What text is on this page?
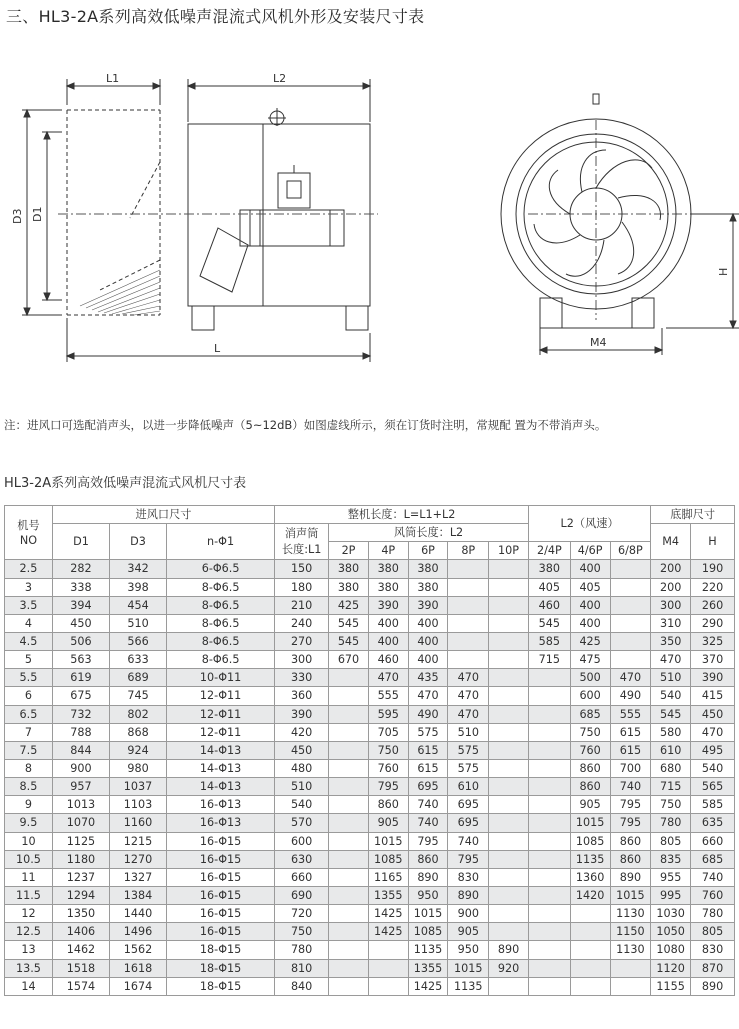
三、HL3-2A系列高效低噪声混流式风机外形及安装尺寸表
L1	L2
L	M4
D3 D1
H
注：进风口可选配消声头，以进一步降低噪声（5~12dB）如图虚线所示，须在订货时注明，常规配 置为不带消声头。
HL3-2A系列高效低噪声混流式风机尺寸表
机号
NO	进风口尺寸			整机长度：L=L1+L2						L2（风速）			底脚尺寸	
	D1	D3	n-Φ1	消声筒
长度:L1	风筒长度：L2								M4	H
					2P	4P	6P	8P	10P	2/4P	4/6P	6/8P		
2.5	282	342	6-Φ6.5	150	380	380	380			380	400		200	190
3	338	398	8-Φ6.5	180	380	380	380			405	405		200	220
3.5	394	454	8-Φ6.5	210	425	390	390			460	400		300	260
4	450	510	8-Φ6.5	240	545	400	400			545	400		310	290
4.5	506	566	8-Φ6.5	270	545	400	400			585	425		350	325
5	563	633	8-Φ6.5	300	670	460	400			715	475		470	370
5.5	619	689	10-Φ11	330		470	435	470			500	470	510	390
6	675	745	12-Φ11	360		555	470	470			600	490	540	415
6.5	732	802	12-Φ11	390		595	490	470			685	555	545	450
7	788	868	12-Φ11	420		705	575	510			750	615	580	470
7.5	844	924	14-Φ13	450		750	615	575			760	615	610	495
8	900	980	14-Φ13	480		760	615	575			860	700	680	540
8.5	957	1037	14-Φ13	510		795	695	610			860	740	715	565
9	1013	1103	16-Φ13	540		860	740	695			905	795	750	585
9.5	1070	1160	16-Φ13	570		905	740	695			1015	795	780	635
10	1125	1215	16-Φ15	600		1015	795	740			1085	860	805	660
10.5	1180	1270	16-Φ15	630		1085	860	795			1135	860	835	685
11	1237	1327	16-Φ15	660		1165	890	830			1360	890	955	740
11.5	1294	1384	16-Φ15	690		1355	950	890			1420	1015	995	760
12	1350	1440	16-Φ15	720		1425	1015	900				1130	1030	780
12.5	1406	1496	16-Φ15	750		1425	1085	905				1150	1050	805
13	1462	1562	18-Φ15	780			1135	950	890			1130	1080	830
13.5	1518	1618	18-Φ15	810			1355	1015	920				1120	870
14	1574	1674	18-Φ15	840			1425	1135					1155	890
